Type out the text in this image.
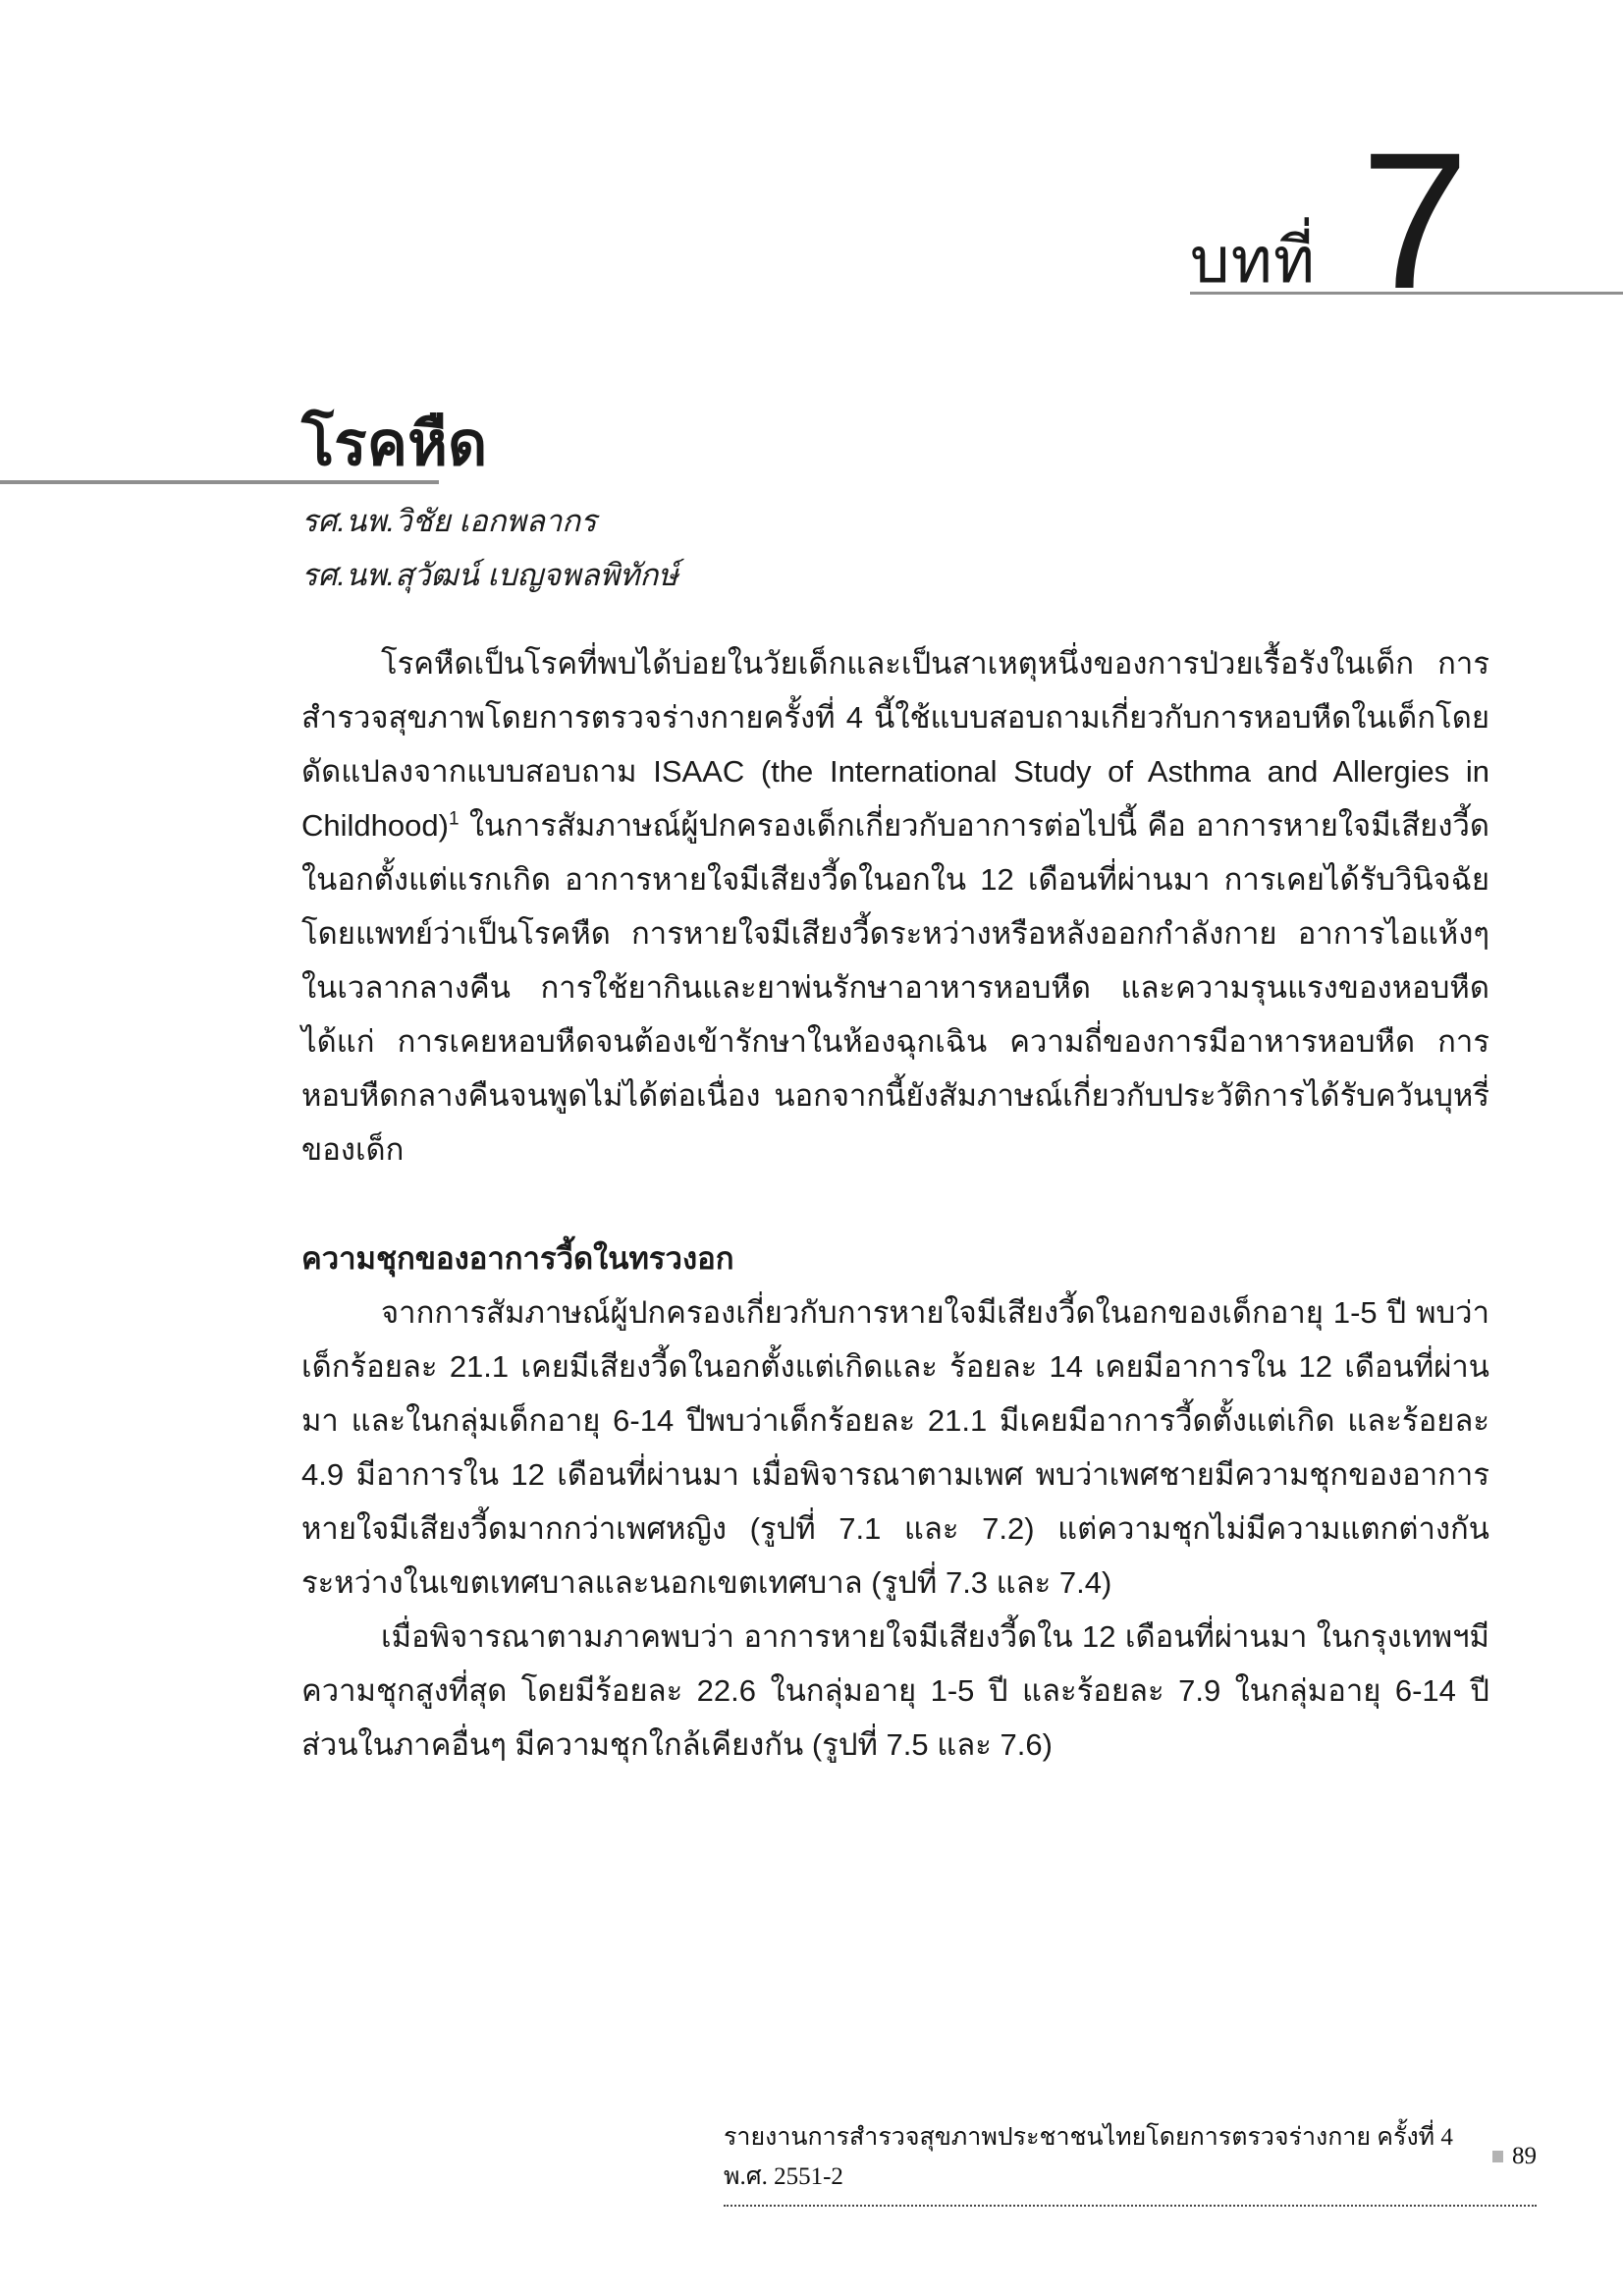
บทที่ 7
โรคหืด
รศ.นพ.วิชัย เอกพลากร
รศ.นพ.สุวัฒน์ เบญจพลพิทักษ์

โรคหืดเป็นโรคที่พบได้บ่อยในวัยเด็กและเป็นสาเหตุหนึ่งของการป่วยเรื้อรังในเด็ก การสำรวจสุขภาพโดยการตรวจร่างกายครั้งที่ 4 นี้ใช้แบบสอบถามเกี่ยวกับการหอบหืดในเด็กโดยดัดแปลงจากแบบสอบถาม ISAAC (the International Study of Asthma and Allergies in Childhood)$^1$ ในการสัมภาษณ์ผู้ปกครองเด็กเกี่ยวกับอาการต่อไปนี้ คือ อาการหายใจมีเสียงวี้ดในอกตั้งแต่แรกเกิด อาการหายใจมีเสียงวี้ดในอกใน 12 เดือนที่ผ่านมา การเคยได้รับวินิจฉัยโดยแพทย์ว่าเป็นโรคหืด การหายใจมีเสียงวี้ดระหว่างหรือหลังออกกำลังกาย อาการไอแห้งๆ ในเวลากลางคืน การใช้ยากินและยาพ่นรักษาอาหารหอบหืด และความรุนแรงของหอบหืด ได้แก่ การเคยหอบหืดจนต้องเข้ารักษาในห้องฉุกเฉิน ความถี่ของการมีอาหารหอบหืด การหอบหืดกลางคืนจนพูดไม่ได้ต่อเนื่อง นอกจากนี้ยังสัมภาษณ์เกี่ยวกับประวัติการได้รับควันบุหรี่ของเด็ก

ความชุกของอาการวี้ดในทรวงอก

จากการสัมภาษณ์ผู้ปกครองเกี่ยวกับการหายใจมีเสียงวี้ดในอกของเด็กอายุ 1-5 ปี พบว่าเด็กร้อยละ 21.1 เคยมีเสียงวี้ดในอกตั้งแต่เกิดและ ร้อยละ 14 เคยมีอาการใน 12 เดือนที่ผ่านมา และในกลุ่มเด็กอายุ 6-14 ปีพบว่าเด็กร้อยละ 21.1 มีเคยมีอาการวี้ดตั้งแต่เกิด และร้อยละ 4.9 มีอาการใน 12 เดือนที่ผ่านมา เมื่อพิจารณาตามเพศ พบว่าเพศชายมีความชุกของอาการหายใจมีเสียงวี้ดมากกว่าเพศหญิง (รูปที่ 7.1 และ 7.2) แต่ความชุกไม่มีความแตกต่างกันระหว่างในเขตเทศบาลและนอกเขตเทศบาล (รูปที่ 7.3 และ 7.4)

เมื่อพิจารณาตามภาคพบว่า อาการหายใจมีเสียงวี้ดใน 12 เดือนที่ผ่านมา ในกรุงเทพฯมีความชุกสูงที่สุด โดยมีร้อยละ 22.6 ในกลุ่มอายุ 1-5 ปี และร้อยละ 7.9 ในกลุ่มอายุ 6-14 ปี ส่วนในภาคอื่นๆ มีความชุกใกล้เคียงกัน (รูปที่ 7.5 และ 7.6)

รายงานการสำรวจสุขภาพประชาชนไทยโดยการตรวจร่างกาย ครั้งที่ 4 พ.ศ. 2551-2
89
